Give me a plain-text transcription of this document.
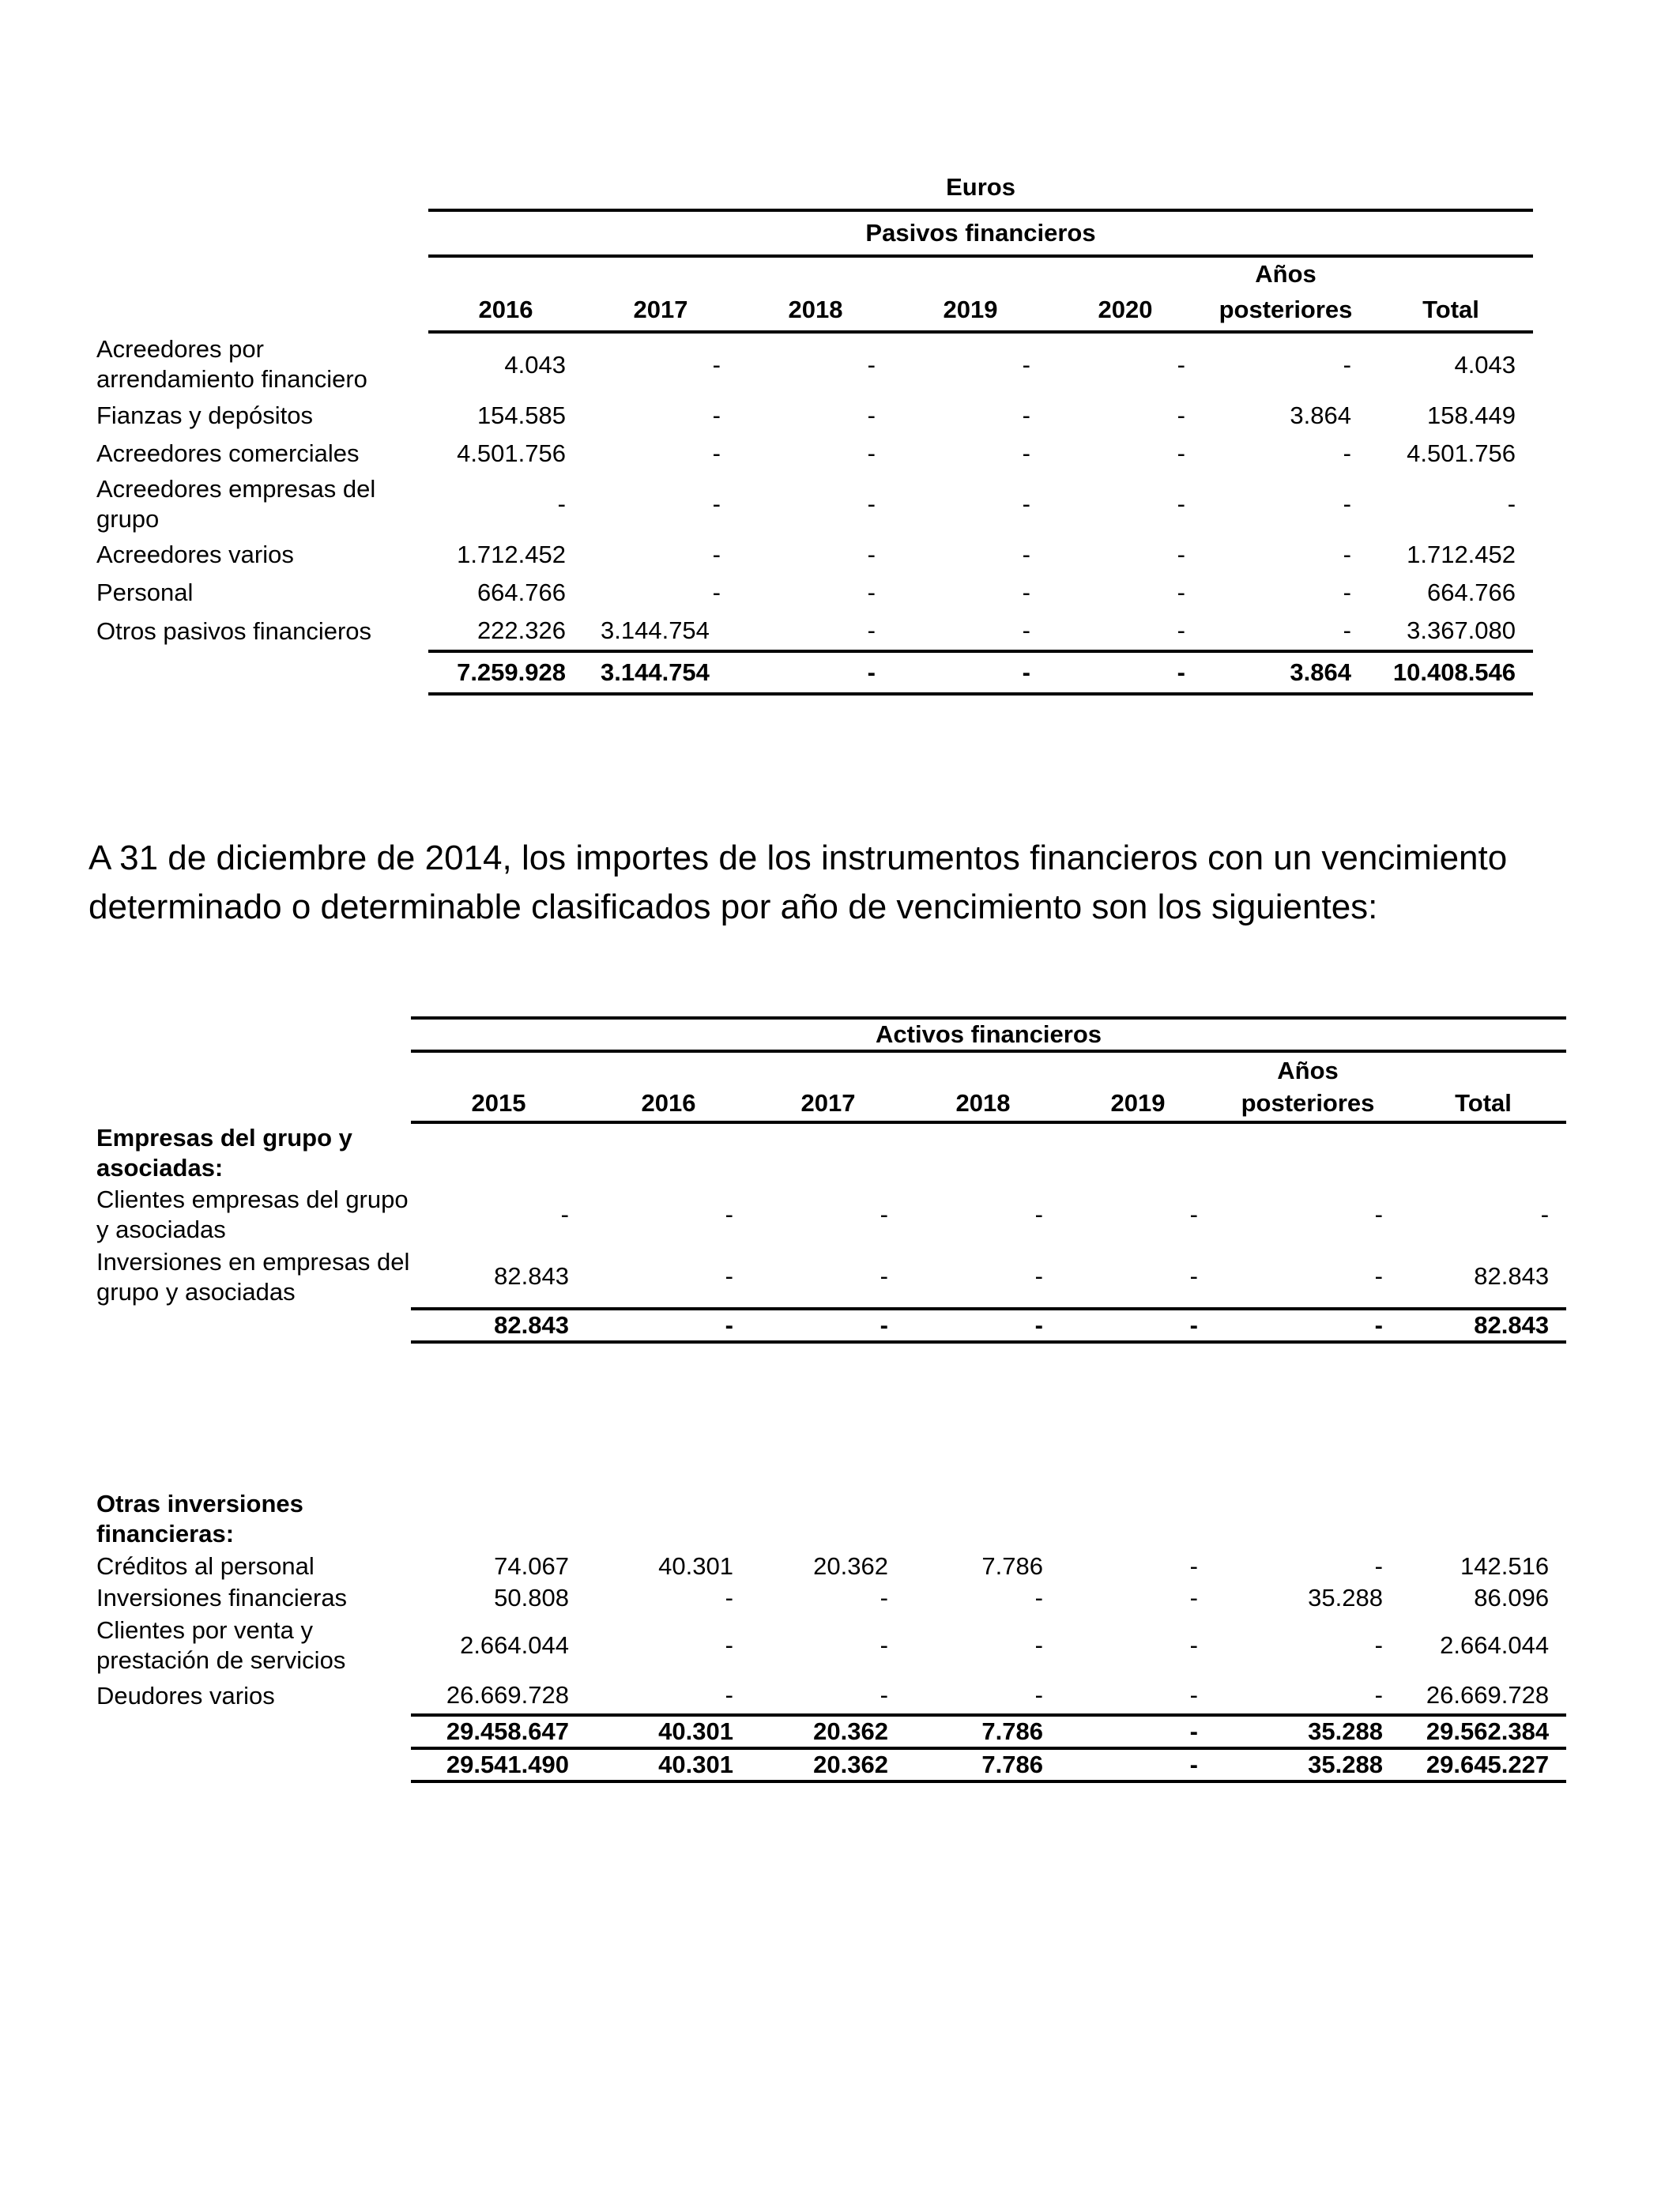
	Euros						
	Pasivos financieros						
						Años	
	2016	2017	2018	2019	2020	posteriores	Total
Acreedores por arrendamiento financiero	4.043	-	-	-	-	-	4.043
Fianzas y depósitos	154.585	-	-	-	-	3.864	158.449
Acreedores comerciales	4.501.756	-	-	-	-	-	4.501.756
Acreedores empresas del grupo	-	-	-	-	-	-	-
Acreedores varios	1.712.452	-	-	-	-	-	1.712.452
Personal	664.766	-	-	-	-	-	664.766
Otros pasivos financieros	222.326	3.144.754	-	-	-	-	3.367.080
	7.259.928	3.144.754	-	-	-	3.864	10.408.546

A 31 de diciembre de 2014, los importes de los instrumentos financieros con un vencimiento determinado o determinable clasificados por año de vencimiento son los siguientes:

	Activos financieros						
						Años	
	2015	2016	2017	2018	2019	posteriores	Total
Empresas del grupo y asociadas:							
Clientes empresas del grupo y asociadas	-	-	-	-	-	-	-
Inversiones en empresas del grupo y asociadas	82.843	-	-	-	-	-	82.843
	82.843	-	-	-	-	-	82.843

Otras inversiones financieras:							
Créditos al personal	74.067	40.301	20.362	7.786	-	-	142.516
Inversiones financieras	50.808	-	-	-	-	35.288	86.096
Clientes por venta y prestación de servicios	2.664.044	-	-	-	-	-	2.664.044
Deudores varios	26.669.728	-	-	-	-	-	26.669.728
	29.458.647	40.301	20.362	7.786	-	35.288	29.562.384
	29.541.490	40.301	20.362	7.786	-	35.288	29.645.227
